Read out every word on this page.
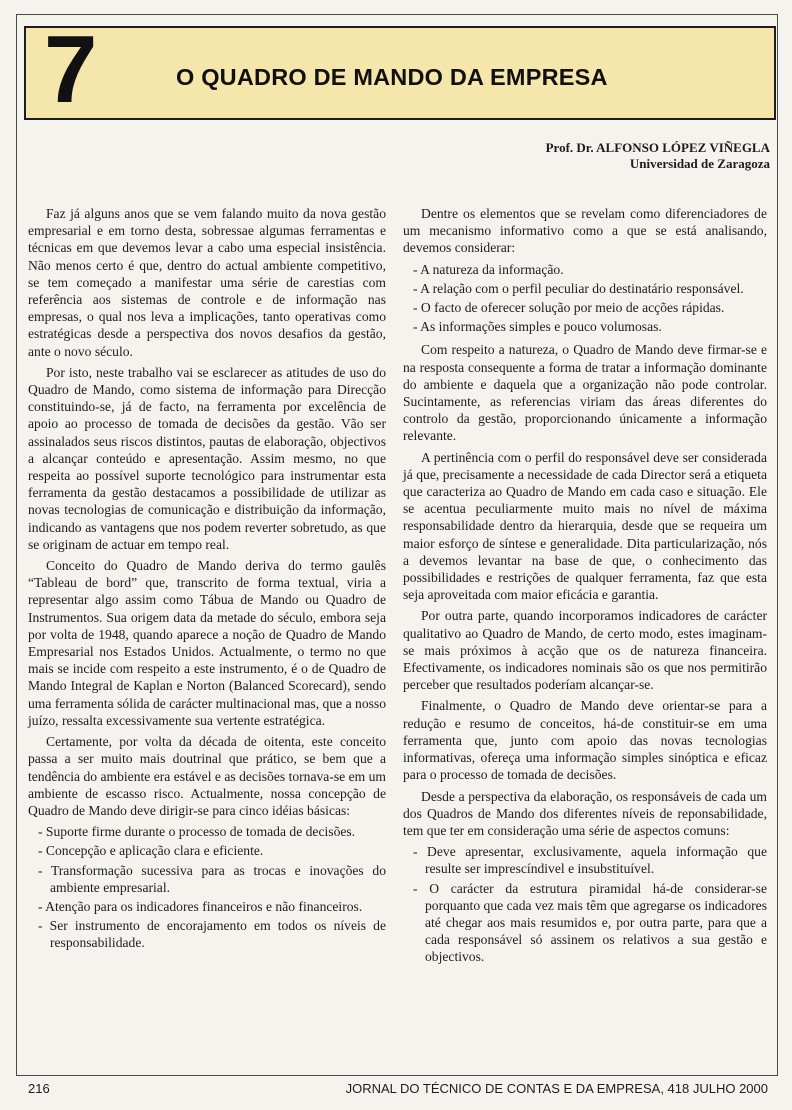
7	O QUADRO DE MANDO DA EMPRESA
Prof. Dr. ALFONSO LÓPEZ VIÑEGLA
Universidad de Zaragoza

Faz já alguns anos que se vem falando muito da nova gestão empresarial e em torno desta, sobressae algumas ferramentas e técnicas em que devemos levar a cabo uma especial insistência. Não menos certo é que, dentro do actual ambiente competitivo, se tem começado a manifestar uma série de carestias com referência aos sistemas de controle e de informação nas empresas, o qual nos leva a implicações, tanto operativas como estratégicas desde a perspectiva dos novos desafios da gestão, ante o novo século.

Por isto, neste trabalho vai se esclarecer as atitudes de uso do Quadro de Mando, como sistema de informação para Direcção constituindo-se, já de facto, na ferramenta por excelência de apoio ao processo de tomada de decisões da gestão. Vão ser assinalados seus riscos distintos, pautas de elaboração, objectivos a alcançar conteúdo e apresentação. Assim mesmo, no que respeita ao possível suporte tecnológico para instrumentar esta ferramenta da gestão destacamos a possibilidade de utilizar as novas tecnologias de comunicação e distribuição da informação, indicando as vantagens que nos podem reverter sobretudo, as que se originam de actuar em tempo real.

Conceito do Quadro de Mando deriva do termo gaulês “Tableau de bord” que, transcrito de forma textual, viria a representar algo assim como Tábua de Mando ou Quadro de Instrumentos. Sua origem data da metade do século, embora seja por volta de 1948, quando aparece a noção de Quadro de Mando Empresarial nos Estados Unidos. Actualmente, o termo no que mais se incide com respeito a este instrumento, é o de Quadro de Mando Integral de Kaplan e Norton (Balanced Scorecard), sendo uma ferramenta sólida de carácter multinacional mas, que a nosso juízo, ressalta excessivamente sua vertente estratégica.

Certamente, por volta da década de oitenta, este conceito passa a ser muito mais doutrinal que prático, se bem que a tendência do ambiente era estável e as decisões tornava-se em um ambiente de escasso risco. Actualmente, nossa concepção de Quadro de Mando deve dirigir-se para cinco idéias básicas:

- Suporte firme durante o processo de tomada de decisões.
- Concepção e aplicação clara e eficiente.
- Transformação sucessiva para as trocas e inovações do ambiente empresarial.
- Atenção para os indicadores financeiros e não financeiros.
- Ser instrumento de encorajamento em todos os níveis de responsabilidade.

Dentre os elementos que se revelam como diferenciadores de um mecanismo informativo como a que se está analisando, devemos considerar:

- A natureza da informação.
- A relação com o perfil peculiar do destinatário responsável.
- O facto de oferecer solução por meio de acções rápidas.
- As informações simples e pouco volumosas.

Com respeito a natureza, o Quadro de Mando deve firmar-se e na resposta consequente a forma de tratar a informação dominante do ambiente e daquela que a organização não pode controlar. Sucintamente, as referencias viriam das áreas diferentes do controlo da gestão, proporcionando únicamente a informação relevante.

A pertinência com o perfil do responsável deve ser considerada já que, precisamente a necessidade de cada Director será a etiqueta que caracteriza ao Quadro de Mando em cada caso e situação. Ele se acentua peculiarmente muito mais no nível de máxima responsabilidade dentro da hierarquia, desde que se requeira um maior esforço de síntese e generalidade. Dita particularização, nós a devemos levantar na base de que, o conhecimento das possibilidades e restrições de qualquer ferramenta, faz que esta seja aproveitada com maior eficácia e garantia.

Por outra parte, quando incorporamos indicadores de carácter qualitativo ao Quadro de Mando, de certo modo, estes imaginam-se mais próximos à acção que os de natureza financeira. Efectivamente, os indicadores nominais são os que nos permitirão perceber que resultados poderíam alcançar-se.

Finalmente, o Quadro de Mando deve orientar-se para a redução e resumo de conceitos, há-de constituir-se em uma ferramenta que, junto com apoio das novas tecnologias informativas, ofereça uma informação simples sinóptica e eficaz para o processo de tomada de decisões.

Desde a perspectiva da elaboração, os responsáveis de cada um dos Quadros de Mando dos diferentes níveis de reponsabilidade, tem que ter em consideração uma série de aspectos comuns:

- Deve apresentar, exclusivamente, aquela informação que resulte ser imprescíndivel e insubstituível.
- O carácter da estrutura piramidal há-de considerar-se porquanto que cada vez mais têm que agregarse os indicadores até chegar aos mais resumidos e, por outra parte, para que a cada responsável só assinem os relativos a sua gestão e objectivos.
216	JORNAL DO TÉCNICO DE CONTAS E DA EMPRESA, 418 JULHO 2000
